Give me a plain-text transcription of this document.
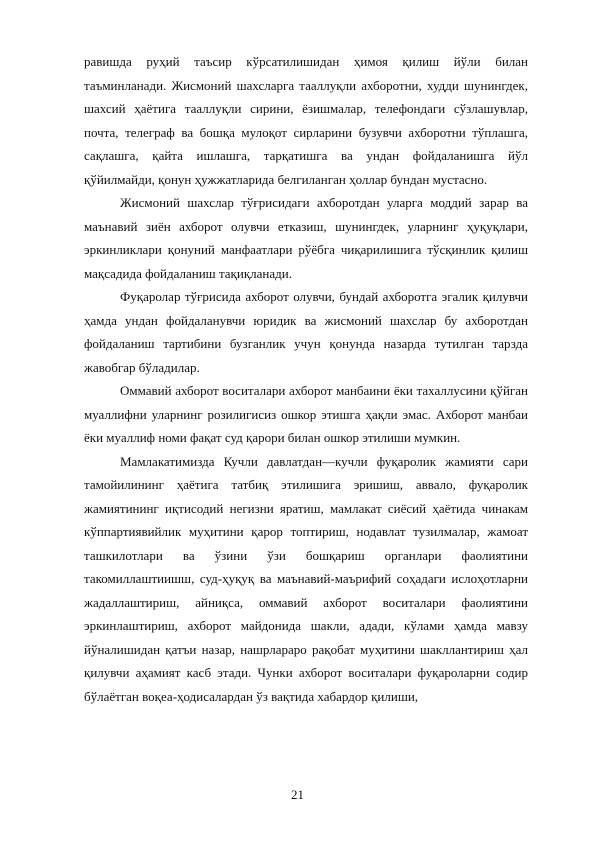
равишда руҳий таъсир кўрсатилишидан ҳимоя қилиш йўли билан таъминланади. Жисмоний шахсларга тааллуқли ахборотни, худди шунингдек, шахсий ҳаётига тааллуқли сирини, ёзишмалар, телефондаги сўзлашувлар, почта, телеграф ва бошқа мулоқот сирларини бузувчи ахборотни тўплашга, сақлашга, қайта ишлашга, тарқатишга ва ундан фойдаланишга йўл қўйилмайди, қонун ҳужжатларида белгиланган ҳоллар бундан мустасно.

Жисмоний шахслар тўғрисидаги ахборотдан уларга моддий зарар ва маънавий зиён ахборот олувчи етказиш, шунингдек, уларнинг ҳуқуқлари, эркинликлари қонуний манфаатлари рўёбга чиқарилишига тўсқинлик қилиш мақсадида фойдаланиш тақиқланади.

Фуқаролар тўғрисида ахборот олувчи, бундай ахборотга эгалик қилувчи ҳамда ундан фойдаланувчи юридик ва жисмоний шахслар бу ахборотдан фойдаланиш тартибини бузганлик учун қонунда назарда тутилган тарзда жавобгар бўладилар.

Оммавий ахборот воситалари ахборот манбаини ёки тахаллусини қўйган муаллифни уларнинг розилигисиз ошкор этишга ҳақли эмас. Ахборот манбаи ёки муаллиф номи фақат суд қарори билан ошкор этилиши мумкин.

Мамлакатимизда Кучли давлатдан—кучли фуқаролик жамияти сари тамойилининг ҳаётига татбиқ этилишига эришиш, аввало, фуқаролик жамиятининг иқтисодий негизни яратиш, мамлакат сиёсий ҳаётида чинакам кўппартиявийлик муҳитини қарор топтириш, нодавлат тузилмалар, жамоат ташкилотлари ва ўзини ўзи бошқариш органлари фаолиятини такомиллаштиишш, суд-ҳуқуқ ва маънавий-маърифий соҳадаги ислоҳотларни жадаллаштириш, айниқса, оммавий ахборот воситалари фаолиятини эркинлаштириш, ахборот майдонида шакли, адади, кўлами ҳамда мавзу йўналишидан қатъи назар, нашрлараро рақобат муҳитини шакллантириш ҳал қилувчи аҳамият касб этади. Чунки ахборот воситалари фуқароларни содир бўлаётган воқеа-ҳодисалардан ўз вақтида хабардор қилиши,

21
